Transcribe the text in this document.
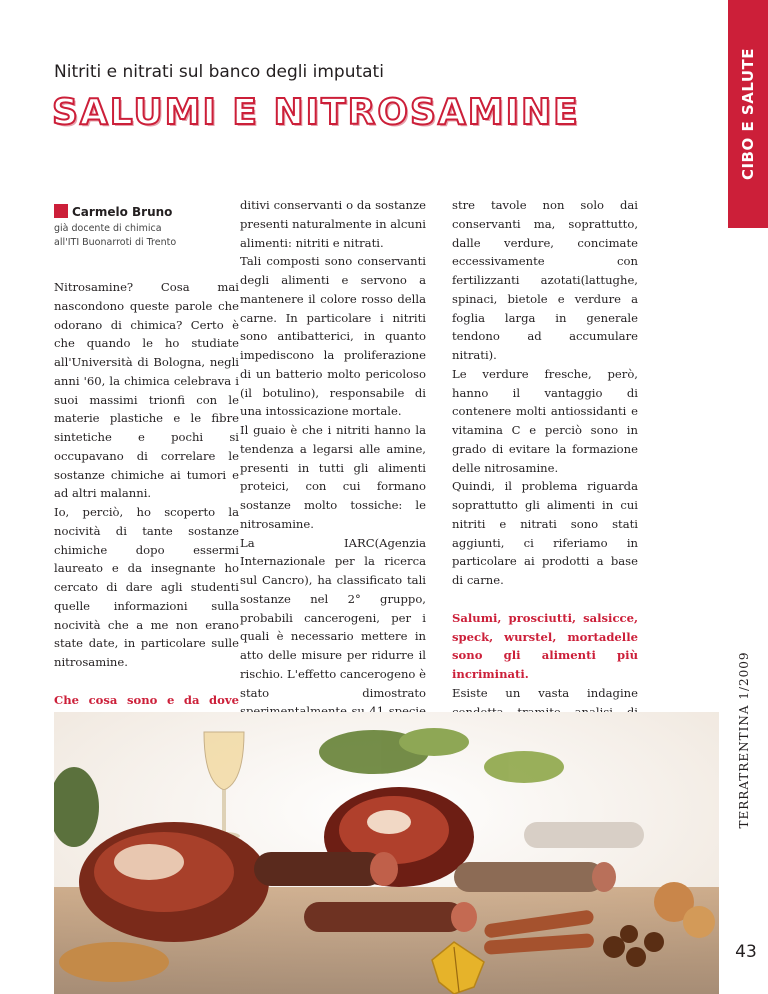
CIBO E SALUTE
Nitriti e nitrati sul banco degli imputati
SALUMI E NITROSAMINE
Carmelo Bruno

già docente di chimica
all'ITI Buonarroti di Trento

Nitrosamine? Cosa mai nascondono queste parole che odorano di chimica? Certo è che quando le ho studiate all'Università di Bologna, negli anni '60, la chimica celebrava i suoi massimi trionfi con le materie plastiche e le fibre sintetiche e pochi si occupavano di correlare le sostanze chimiche ai tumori e ad altri malanni.

Io, perciò, ho scoperto la nocività di tante sostanze chimiche dopo essermi laureato e da insegnante ho cercato di dare agli studenti quelle informazioni sulla nocività che a me non erano state date, in particolare sulle nitrosamine.

Che cosa sono e da dove

ditivi conservanti o da sostanze presenti naturalmente in alcuni alimenti: nitriti e nitrati.

Tali composti sono conservanti degli alimenti e servono a mantenere il colore rosso della carne. In particolare i nitriti sono antibatterici, in quanto impediscono la proliferazione di un batterio molto pericoloso (il botulino), responsabile di una intossicazione mortale.

Il guaio è che i nitriti hanno la tendenza a legarsi alle amine, presenti in tutti gli alimenti proteici, con cui formano sostanze molto tossiche: le nitrosamine.

La IARC(Agenzia Internazionale per la ricerca sul Cancro), ha classificato tali sostanze nel 2° gruppo, probabili cancerogeni, per i quali è necessario mettere in atto delle misure per ridurre il rischio. L'effetto cancerogeno è stato dimostrato

stre tavole non solo dai conservanti ma, soprattutto, dalle verdure, concimate eccessivamente con fertilizzanti azotati(lattughe, spinaci, bietole e verdure a foglia larga in generale tendono ad accumulare nitrati).

Le verdure fresche, però, hanno il vantaggio di contenere molti antiossidanti e vitamina C e perciò sono in grado di evitare la formazione delle nitrosamine.

Quindi, il problema riguarda soprattutto gli alimenti in cui nitriti e nitrati sono stati aggiunti, ci riferiamo in particolare ai prodotti a base di carne.

Salumi, prosciutti, salsicce, speck, wurstel, mortadelle sono gli alimenti più incriminati.

Esiste un vasta indagine	TERRATRENTINA 1/2009
43
